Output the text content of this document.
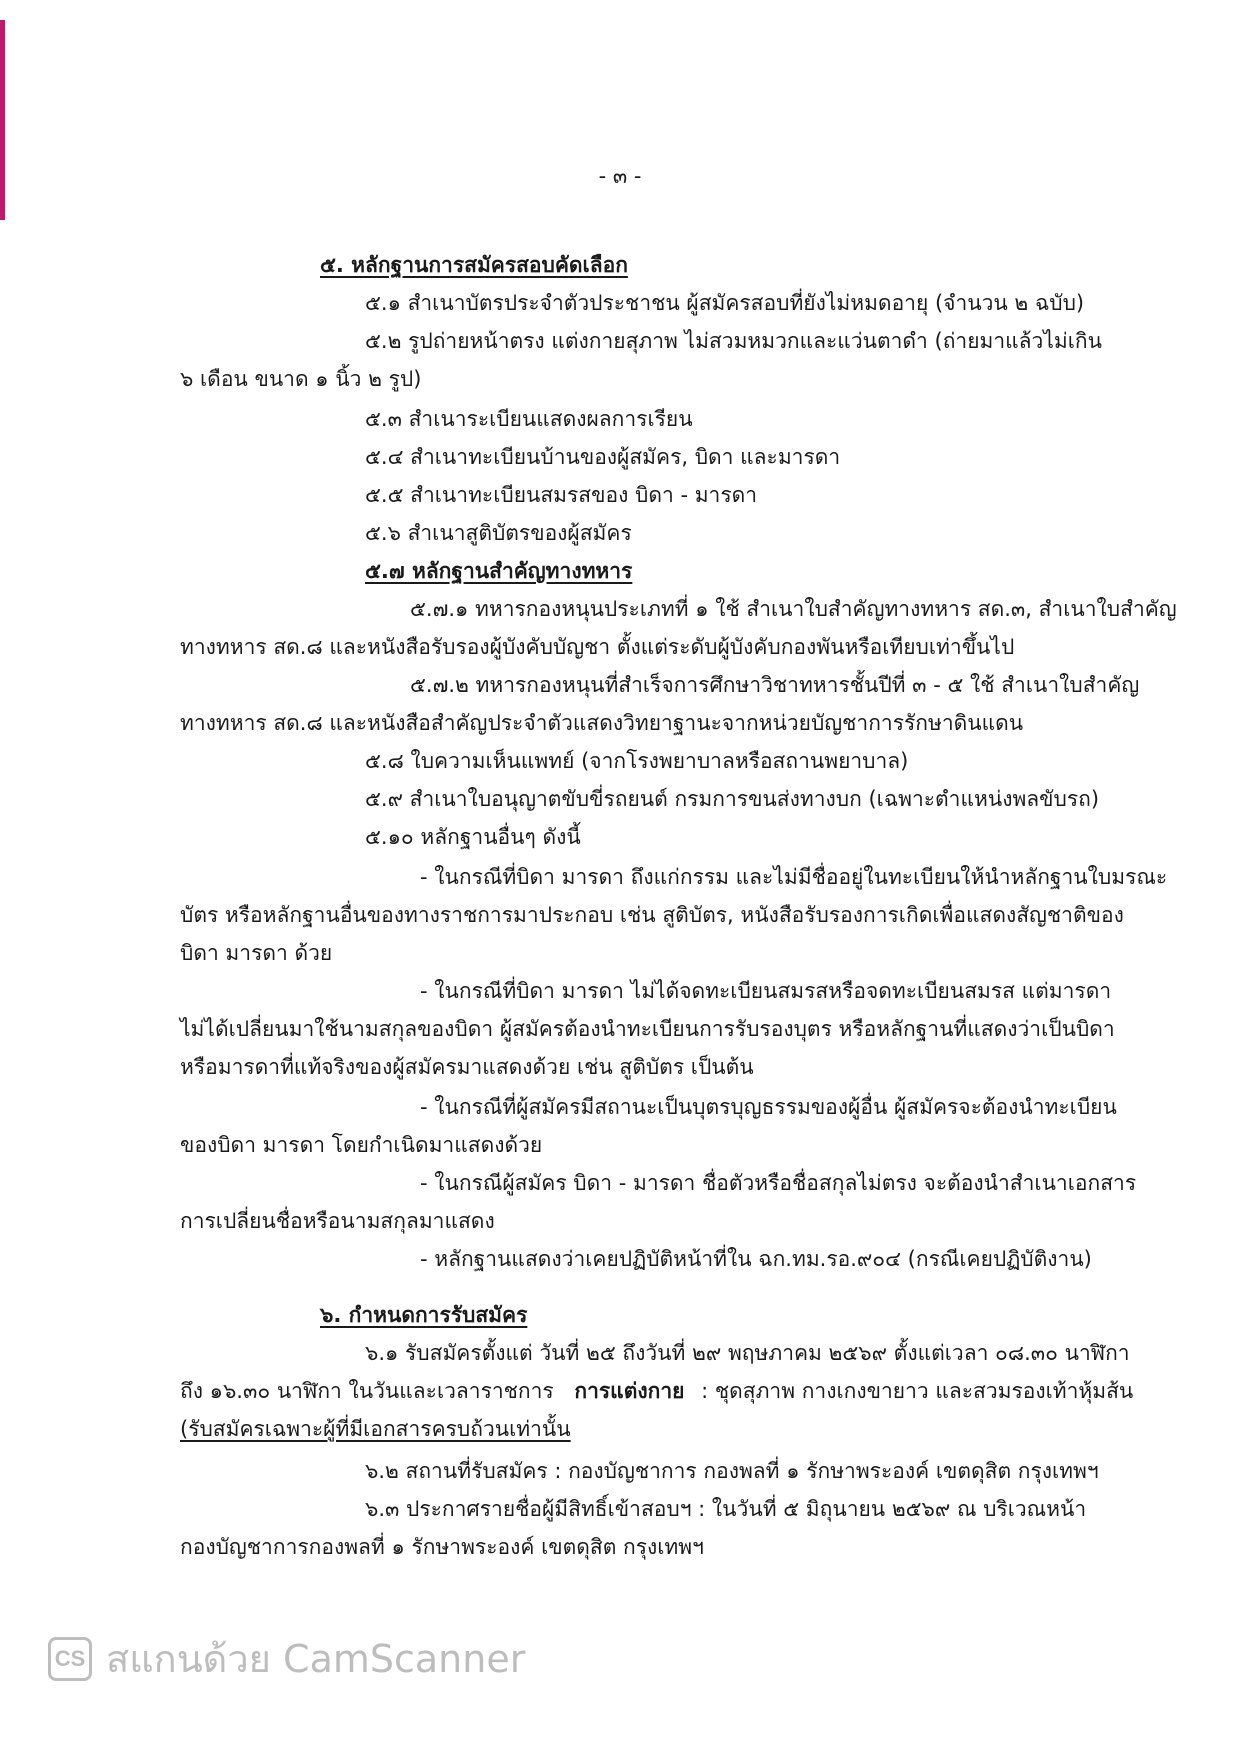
- ๓ -
๕. หลักฐานการสมัครสอบคัดเลือก
๕.๑ สำเนาบัตรประจำตัวประชาชน ผู้สมัครสอบที่ยังไม่หมดอายุ (จำนวน ๒ ฉบับ)
๕.๒ รูปถ่ายหน้าตรง แต่งกายสุภาพ ไม่สวมหมวกและแว่นตาดำ (ถ่ายมาแล้วไม่เกิน
๖ เดือน ขนาด ๑ นิ้ว ๒ รูป)
๕.๓ สำเนาระเบียนแสดงผลการเรียน
๕.๔ สำเนาทะเบียนบ้านของผู้สมัคร, บิดา และมารดา
๕.๕ สำเนาทะเบียนสมรสของ บิดา - มารดา
๕.๖ สำเนาสูติบัตรของผู้สมัคร
๕.๗ หลักฐานสำคัญทางทหาร
๕.๗.๑ ทหารกองหนุนประเภทที่ ๑ ใช้ สำเนาใบสำคัญทางทหาร สด.๓, สำเนาใบสำคัญ
ทางทหาร สด.๘ และหนังสือรับรองผู้บังคับบัญชา ตั้งแต่ระดับผู้บังคับกองพันหรือเทียบเท่าขึ้นไป
๕.๗.๒ ทหารกองหนุนที่สำเร็จการศึกษาวิชาทหารชั้นปีที่ ๓ - ๕ ใช้ สำเนาใบสำคัญ
ทางทหาร สด.๘ และหนังสือสำคัญประจำตัวแสดงวิทยาฐานะจากหน่วยบัญชาการรักษาดินแดน
๕.๘ ใบความเห็นแพทย์ (จากโรงพยาบาลหรือสถานพยาบาล)
๕.๙ สำเนาใบอนุญาตขับขี่รถยนต์ กรมการขนส่งทางบก (เฉพาะตำแหน่งพลขับรถ)
๕.๑๐ หลักฐานอื่นๆ ดังนี้
- ในกรณีที่บิดา มารดา ถึงแก่กรรม และไม่มีชื่ออยู่ในทะเบียนให้นำหลักฐานใบมรณะ
บัตร หรือหลักฐานอื่นของทางราชการมาประกอบ เช่น สูติบัตร, หนังสือรับรองการเกิดเพื่อแสดงสัญชาติของ
บิดา มารดา ด้วย
- ในกรณีที่บิดา มารดา ไม่ได้จดทะเบียนสมรสหรือจดทะเบียนสมรส แต่มารดา
ไม่ได้เปลี่ยนมาใช้นามสกุลของบิดา ผู้สมัครต้องนำทะเบียนการรับรองบุตร หรือหลักฐานที่แสดงว่าเป็นบิดา
หรือมารดาที่แท้จริงของผู้สมัครมาแสดงด้วย เช่น สูติบัตร เป็นต้น
- ในกรณีที่ผู้สมัครมีสถานะเป็นบุตรบุญธรรมของผู้อื่น ผู้สมัครจะต้องนำทะเบียน
ของบิดา มารดา โดยกำเนิดมาแสดงด้วย
- ในกรณีผู้สมัคร บิดา - มารดา ชื่อตัวหรือชื่อสกุลไม่ตรง จะต้องนำสำเนาเอกสาร
การเปลี่ยนชื่อหรือนามสกุลมาแสดง
- หลักฐานแสดงว่าเคยปฏิบัติหน้าที่ใน ฉก.ทม.รอ.๙๐๔ (กรณีเคยปฏิบัติงาน)
๖. กำหนดการรับสมัคร
๖.๑ รับสมัครตั้งแต่ วันที่ ๒๕ ถึงวันที่ ๒๙ พฤษภาคม ๒๕๖๙ ตั้งแต่เวลา ๐๘.๓๐ นาฬิกา
ถึง ๑๖.๓๐ นาฬิกา ในวันและเวลาราชการ การแต่งกาย : ชุดสุภาพ กางเกงขายาว และสวมรองเท้าหุ้มส้น
(รับสมัครเฉพาะผู้ที่มีเอกสารครบถ้วนเท่านั้น
๖.๒ สถานที่รับสมัคร : กองบัญชาการ กองพลที่ ๑ รักษาพระองค์ เขตดุสิต กรุงเทพฯ
๖.๓ ประกาศรายชื่อผู้มีสิทธิ์เข้าสอบฯ : ในวันที่ ๕ มิถุนายน ๒๕๖๙ ณ บริเวณหน้า
กองบัญชาการกองพลที่ ๑ รักษาพระองค์ เขตดุสิต กรุงเทพฯ
CS สแกนด้วย CamScanner
